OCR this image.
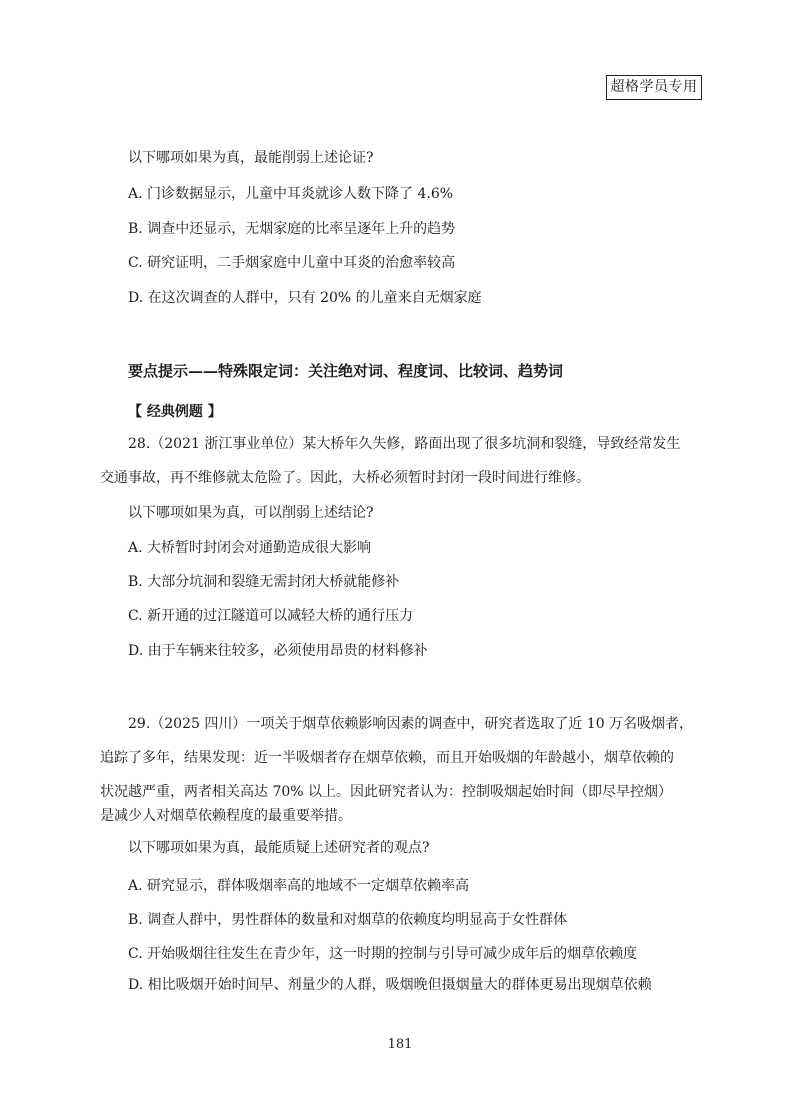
超格学员专用
以下哪项如果为真，最能削弱上述论证?
A. 门诊数据显示，儿童中耳炎就诊人数下降了 4.6%
B. 调查中还显示，无烟家庭的比率呈逐年上升的趋势
C. 研究证明，二手烟家庭中儿童中耳炎的治愈率较高
D. 在这次调查的人群中，只有 20% 的儿童来自无烟家庭
要点提示——特殊限定词：关注绝对词、程度词、比较词、趋势词
【 经典例题 】
28.（2021 浙江事业单位）某大桥年久失修，路面出现了很多坑洞和裂缝，导致经常发生
交通事故，再不维修就太危险了。因此，大桥必须暂时封闭一段时间进行维修。
以下哪项如果为真，可以削弱上述结论?
A. 大桥暂时封闭会对通勤造成很大影响
B. 大部分坑洞和裂缝无需封闭大桥就能修补
C. 新开通的过江隧道可以减轻大桥的通行压力
D. 由于车辆来往较多，必须使用昂贵的材料修补
29.（2025 四川）一项关于烟草依赖影响因素的调查中，研究者选取了近 10 万名吸烟者，
追踪了多年，结果发现：近一半吸烟者存在烟草依赖，而且开始吸烟的年龄越小，烟草依赖的
状况越严重，两者相关高达 70% 以上。因此研究者认为：控制吸烟起始时间（即尽早控烟）
是减少人对烟草依赖程度的最重要举措。
以下哪项如果为真，最能质疑上述研究者的观点?
A. 研究显示，群体吸烟率高的地域不一定烟草依赖率高
B. 调查人群中，男性群体的数量和对烟草的依赖度均明显高于女性群体
C. 开始吸烟往往发生在青少年，这一时期的控制与引导可减少成年后的烟草依赖度
D. 相比吸烟开始时间早、剂量少的人群，吸烟晚但摄烟量大的群体更易出现烟草依赖
181
